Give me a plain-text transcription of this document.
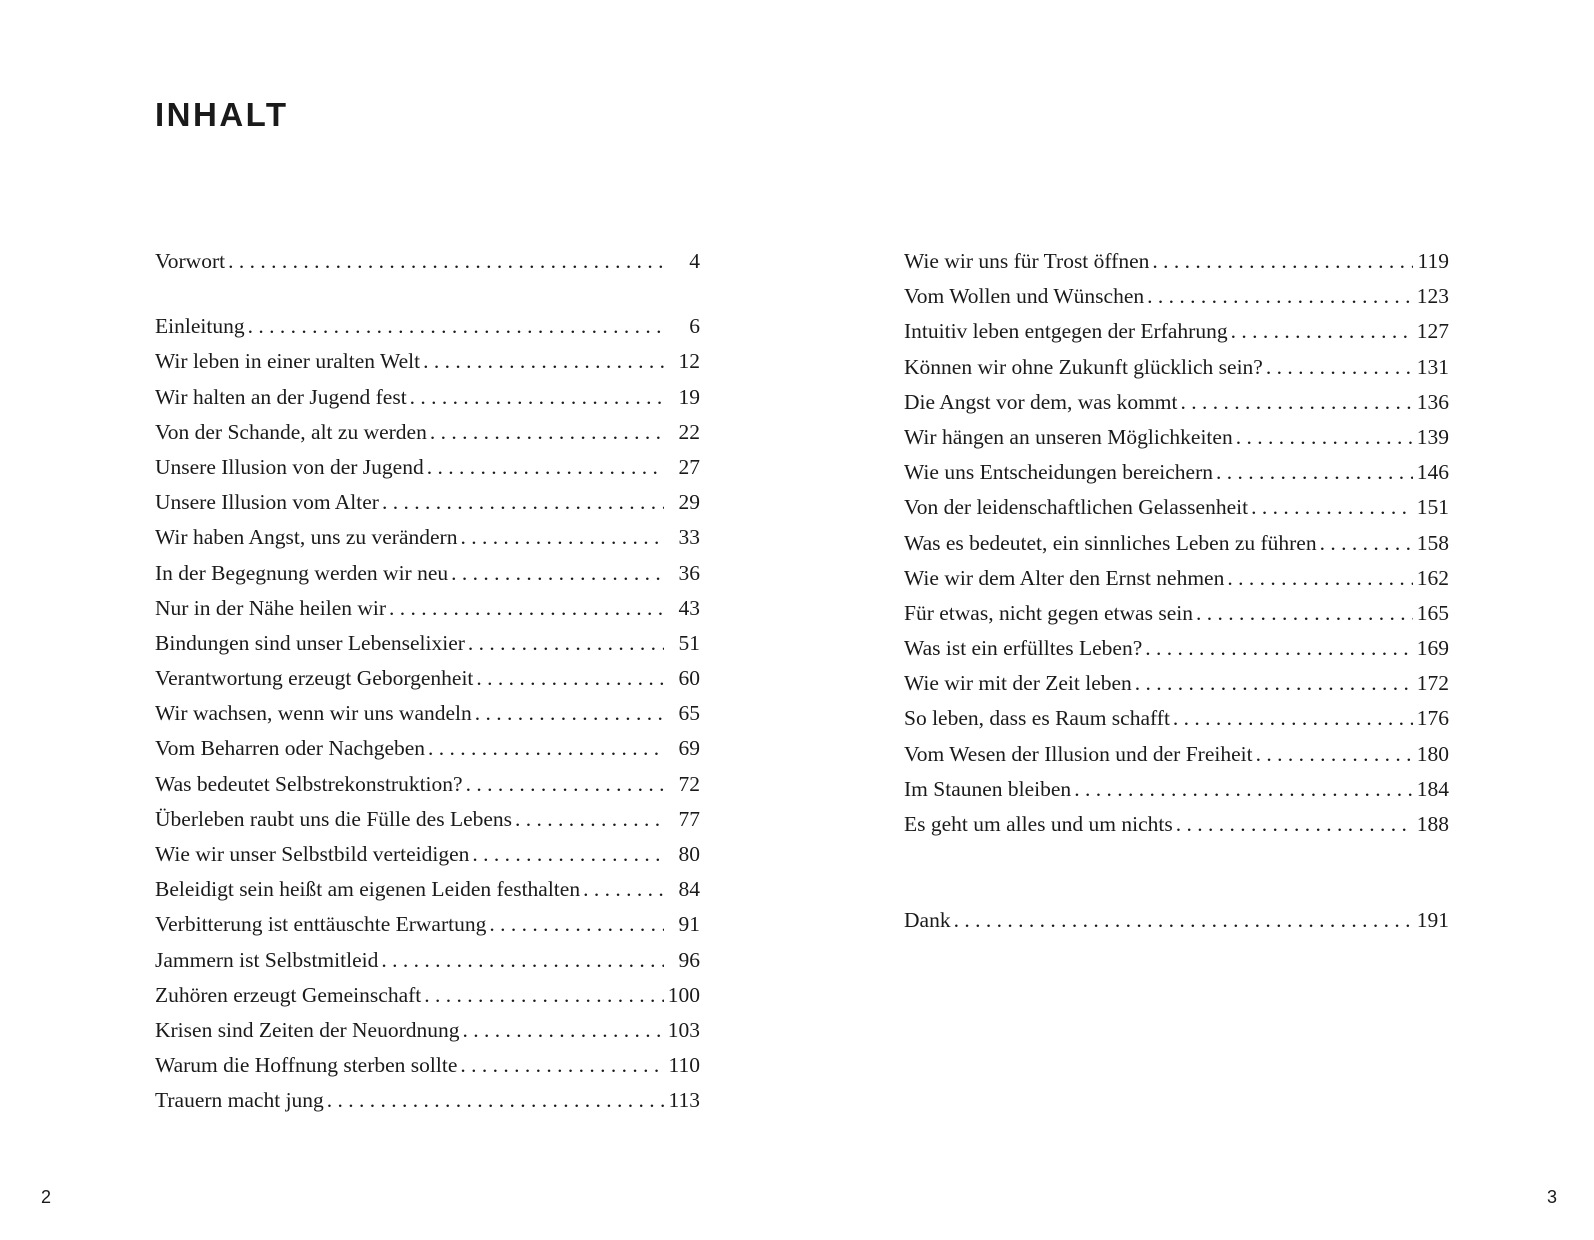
INHALT
Vorwort . . .	4
Einleitung . . .	6
Wir leben in einer uralten Welt . . .	12
Wir halten an der Jugend fest . . .	19
Von der Schande, alt zu werden . . .	22
Unsere Illusion von der Jugend . . .	27
Unsere Illusion vom Alter . . .	29
Wir haben Angst, uns zu verändern . . .	33
In der Begegnung werden wir neu . . .	36
Nur in der Nähe heilen wir . . .	43
Bindungen sind unser Lebenselixier . . .	51
Verantwortung erzeugt Geborgenheit . . .	60
Wir wachsen, wenn wir uns wandeln . . .	65
Vom Beharren oder Nachgeben . . .	69
Was bedeutet Selbstrekonstruktion? . . .	72
Überleben raubt uns die Fülle des Lebens . . .	77
Wie wir unser Selbstbild verteidigen . . .	80
Beleidigt sein heißt am eigenen Leiden festhalten . . .	84
Verbitterung ist enttäuschte Erwartung . . .	91
Jammern ist Selbstmitleid . . .	96
Zuhören erzeugt Gemeinschaft . . .	100
Krisen sind Zeiten der Neuordnung . . .	103
Warum die Hoffnung sterben sollte . . .	110
Trauern macht jung . . .	113
Wie wir uns für Trost öffnen . . .	119
Vom Wollen und Wünschen . . .	123
Intuitiv leben entgegen der Erfahrung . . .	127
Können wir ohne Zukunft glücklich sein? . . .	131
Die Angst vor dem, was kommt . . .	136
Wir hängen an unseren Möglichkeiten . . .	139
Wie uns Entscheidungen bereichern . . .	146
Von der leidenschaftlichen Gelassenheit . . .	151
Was es bedeutet, ein sinnliches Leben zu führen . . .	158
Wie wir dem Alter den Ernst nehmen . . .	162
Für etwas, nicht gegen etwas sein . . .	165
Was ist ein erfülltes Leben? . . .	169
Wie wir mit der Zeit leben . . .	172
So leben, dass es Raum schafft . . .	176
Vom Wesen der Illusion und der Freiheit . . .	180
Im Staunen bleiben . . .	184
Es geht um alles und um nichts . . .	188
Dank . . .	191
2	3
